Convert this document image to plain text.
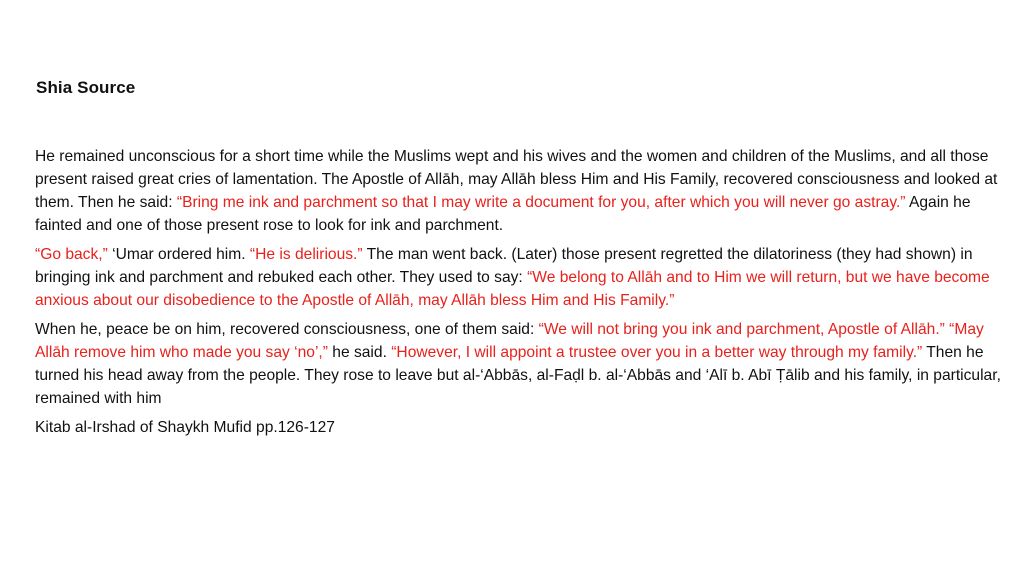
Shia Source

He remained unconscious for a short time while the Muslims wept and his wives and the women and children of the Muslims, and all those present raised great cries of lamentation. The Apostle of Allāh, may Allāh bless Him and His Family, recovered consciousness and looked at them. Then he said: “Bring me ink and parchment so that I may write a document for you, after which you will never go astray.” Again he fainted and one of those present rose to look for ink and parchment.

“Go back,” ‘Umar ordered him. “He is delirious.” The man went back. (Later) those present regretted the dilatoriness (they had shown) in bringing ink and parchment and rebuked each other. They used to say: “We belong to Allāh and to Him we will return, but we have become anxious about our disobedience to the Apostle of Allāh, may Allāh bless Him and His Family.”

When he, peace be on him, recovered consciousness, one of them said: “We will not bring you ink and parchment, Apostle of Allāh.” “May Allāh remove him who made you say ‘no’,” he said. “However, I will appoint a trustee over you in a better way through my family.” Then he turned his head away from the people. They rose to leave but al-‘Abbās, al-Faḍl b. al-‘Abbās and ‘Alī b. Abī Ṭālib and his family, in particular, remained with him

Kitab al-Irshad of Shaykh Mufid pp.126-127
